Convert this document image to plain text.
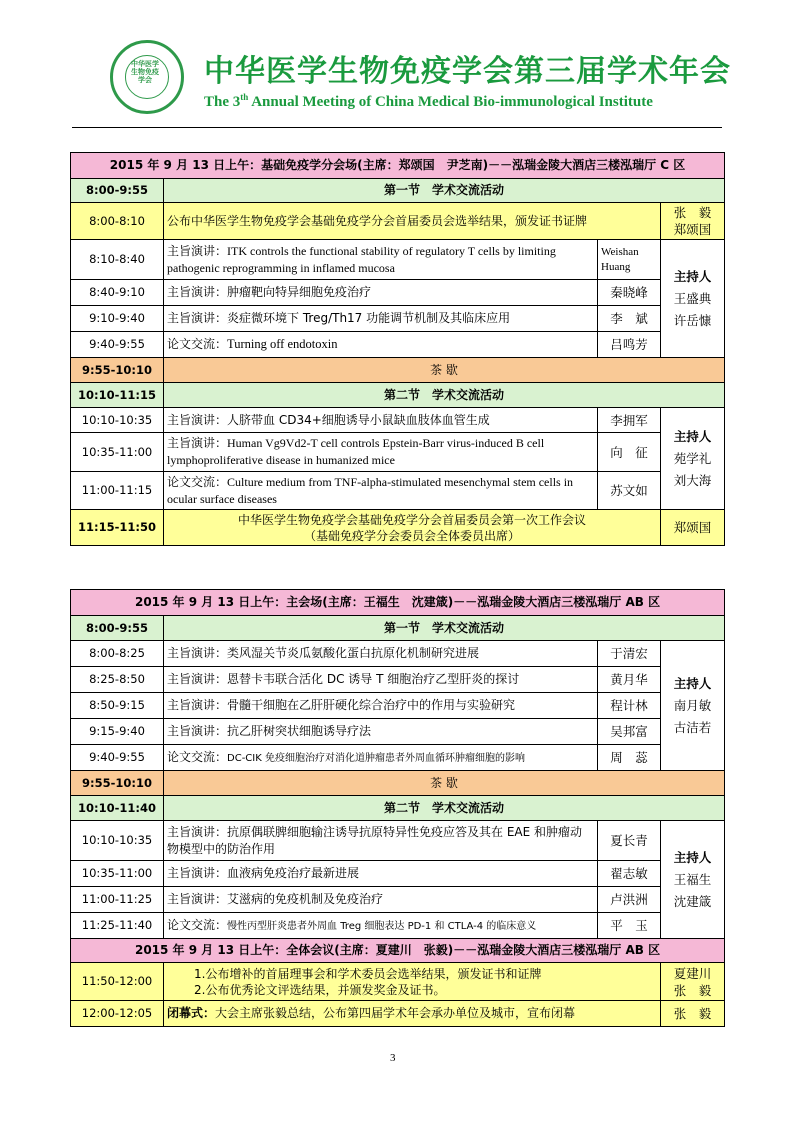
中华医学生物免疫学会 中华医学生物免疫学会第三届学术年会
The 3th Annual Meeting of China Medical Bio-immunological Institute
2015 年 9 月 13 日上午：基础免疫学分会场(主席：郑颂国　尹芝南)－－泓瑞金陵大酒店三楼泓瑞厅 C 区			
8:00-9:55	第一节　学术交流活动		
8:00-8:10	公布中华医学生物免疫学会基础免疫学分会首届委员会选举结果，颁发证书证牌		张　毅
郑颂国
8:10-8:40	主旨演讲：ITK controls the functional stability of regulatory T cells by limiting pathogenic reprogramming in inflamed mucosa	Weishan Huang	主持人
王盛典
许岳慷
8:40-9:10	主旨演讲：肿瘤靶向特异细胞免疫治疗	秦晓峰	
9:10-9:40	主旨演讲：炎症微环境下 Treg/Th17 功能调节机制及其临床应用	李　斌	
9:40-9:55	论文交流：Turning off endotoxin	吕鸣芳	
9:55-10:10	茶 歇		
10:10-11:15	第二节　学术交流活动		
10:10-10:35	主旨演讲：人脐带血 CD34+细胞诱导小鼠缺血肢体血管生成	李拥军	主持人
苑学礼
刘大海
10:35-11:00	主旨演讲：Human Vg9Vd2-T cell controls Epstein-Barr virus-induced B cell lymphoproliferative disease in humanized mice	向　征	
11:00-11:15	论文交流：Culture medium from TNF-alpha-stimulated mesenchymal stem cells in ocular surface diseases	苏文如	
11:15-11:50	中华医学生物免疫学会基础免疫学分会首届委员会第一次工作会议
（基础免疫学分会委员会全体委员出席）		郑颂国
2015 年 9 月 13 日上午：主会场(主席：王福生　沈建箴)－－泓瑞金陵大酒店三楼泓瑞厅 AB 区			
8:00-9:55	第一节　学术交流活动		
8:00-8:25	主旨演讲：类风湿关节炎瓜氨酸化蛋白抗原化机制研究进展	于清宏	主持人
南月敏
古洁若
8:25-8:50	主旨演讲：恩替卡韦联合活化 DC 诱导 T 细胞治疗乙型肝炎的探讨	黄月华	
8:50-9:15	主旨演讲：骨髓干细胞在乙肝肝硬化综合治疗中的作用与实验研究	程计林	
9:15-9:40	主旨演讲：抗乙肝树突状细胞诱导疗法	吴邦富	
9:40-9:55	论文交流：DC-CIK 免疫细胞治疗对消化道肿瘤患者外周血循环肿瘤细胞的影响	周　蕊	
9:55-10:10	茶 歇		
10:10-11:40	第二节　学术交流活动		
10:10-10:35	主旨演讲：抗原偶联脾细胞输注诱导抗原特异性免疫应答及其在 EAE 和肿瘤动物模型中的防治作用	夏长青	主持人
王福生
沈建箴
10:35-11:00	主旨演讲：血液病免疫治疗最新进展	翟志敏	
11:00-11:25	主旨演讲：艾滋病的免疫机制及免疫治疗	卢洪洲	
11:25-11:40	论文交流：慢性丙型肝炎患者外周血 Treg 细胞表达 PD-1 和 CTLA-4 的临床意义	平　玉	
2015 年 9 月 13 日上午：全体会议(主席：夏建川　张毅)－－泓瑞金陵大酒店三楼泓瑞厅 AB 区			
11:50-12:00	1.公布增补的首届理事会和学术委员会选举结果，颁发证书和证牌
2.公布优秀论文评选结果，并颁发奖金及证书。		夏建川
张　毅
12:00-12:05	闭幕式：大会主席张毅总结，公布第四届学术年会承办单位及城市，宣布闭幕		张　毅
3
